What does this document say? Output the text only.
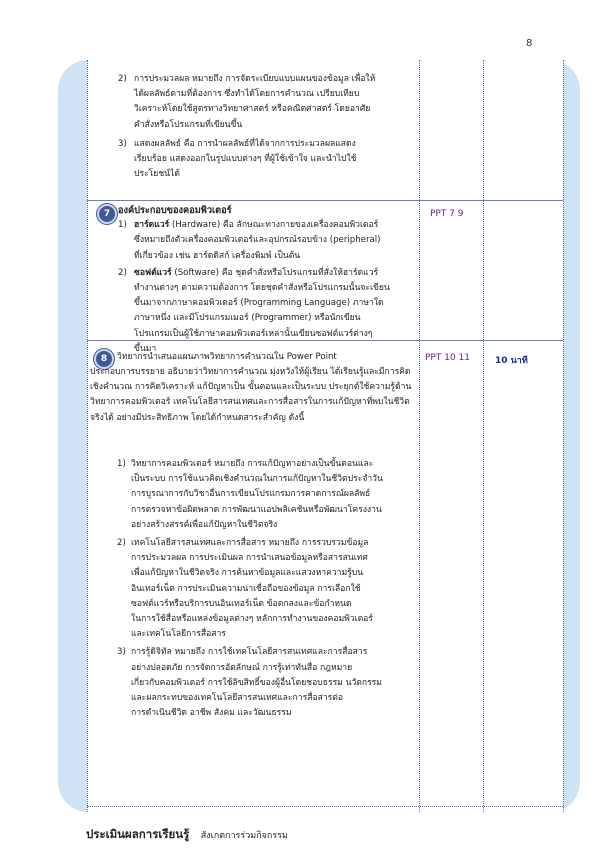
8
2) การประมวลผล หมายถึง การจัดระเบียบแบบแผนของข้อมูล เพื่อให้
ได้ผลลัพธ์ตามที่ต้องการ ซึ่งทำได้โดยการคำนวณ เปรียบเทียบ
วิเคราะห์โดยใช้สูตรทางวิทยาศาสตร์ หรือคณิตศาสตร์ โดยอาศัย
คำสั่งหรือโปรแกรมที่เขียนขึ้น
3) แสดงผลลัพธ์ คือ การนำผลลัพธ์ที่ได้จากการประมวลผลแสดง
เรียบร้อย แสดงออกในรูปแบบต่างๆ ที่ผู้ใช้เข้าใจ และนำไปใช้
ประโยชน์ได้
7 องค์ประกอบของคอมพิวเตอร์
1) ฮาร์ดแวร์ (Hardware) คือ ลักษณะทางกายของเครื่องคอมพิวเตอร์
ซึ่งหมายถึงตัวเครื่องคอมพิวเตอร์และอุปกรณ์รอบข้าง (peripheral)
ที่เกี่ยวข้อง เช่น ฮาร์ดดิสก์ เครื่องพิมพ์ เป็นต้น
2) ซอฟต์แวร์ (Software) คือ ชุดคำสั่งหรือโปรแกรมที่สั่งให้ฮาร์ดแวร์
ทำงานต่างๆ ตามความต้องการ โดยชุดคำสั่งหรือโปรแกรมนั้นจะเขียน
ขึ้นมาจากภาษาคอมพิวเตอร์ (Programming Language) ภาษาใด
ภาษาหนึ่ง และมีโปรแกรมเมอร์ (Programmer) หรือนักเขียน
โปรแกรมเป็นผู้ใช้ภาษาคอมพิวเตอร์เหล่านั้นเขียนซอฟต์แวร์ต่างๆ
ขึ้นมา
PPT 7 9
8	วิทยากรนำเสนอแผนภาพวิทยาการคำนวณใน Power Point
ประกอบการบรรยาย อธิบายว่าวิทยาการคำนวณ มุ่งหวังให้ผู้เรียน ได้เรียนรู้และมีการคิดเชิงคำนวณ การคิดวิเคราะห์ แก้ปัญหาเป็น ขั้นตอนและเป็นระบบ ประยุกต์ใช้ความรู้ด้านวิทยาการคอมพิวเตอร์ เทคโนโลยีสารสนเทศและการสื่อสารในการแก้ปัญหาที่พบในชีวิตจริงได้ อย่างมีประสิทธิภาพ โดยได้กำหนดสาระสำคัญ ดังนี้
1) วิทยาการคอมพิวเตอร์ หมายถึง การแก้ปัญหาอย่างเป็นขั้นตอนและ
เป็นระบบ การใช้แนวคิดเชิงคำนวณในการแก้ปัญหาในชีวิตประจำวัน
การบูรณาการกับวิชาอื่นการเขียนโปรแกรมการคาดการณ์ผลลัพธ์
การตรวจหาข้อผิดพลาด การพัฒนาแอปพลิเคชันหรือพัฒนาโครงงาน
อย่างสร้างสรรค์เพื่อแก้ปัญหาในชีวิตจริง
2) เทคโนโลยีสารสนเทศและการสื่อสาร หมายถึง การรวบรวมข้อมูล
การประมวลผล การประเมินผล การนำเสนอข้อมูลหรือสารสนเทศ
เพื่อแก้ปัญหาในชีวิตจริง การค้นหาข้อมูลและแสวงหาความรู้บน
อินเทอร์เน็ต การประเมินความน่าเชื่อถือของข้อมูล การเลือกใช้
ซอฟต์แวร์หรือบริการบนอินเทอร์เน็ต ข้อตกลงและข้อกำหนด
ในการใช้สื่อหรือแหล่งข้อมูลต่างๆ หลักการทำงานของคอมพิวเตอร์
และเทคโนโลยีการสื่อสาร
3) การรู้ดิจิทัล หมายถึง การใช้เทคโนโลยีสารสนเทศและการสื่อสาร
อย่างปลอดภัย การจัดการอัตลักษณ์ การรู้เท่าทันสื่อ กฎหมาย
เกี่ยวกับคอมพิวเตอร์ การใช้ลิขสิทธิ์ของผู้อื่นโดยชอบธรรม นวัตกรรม
และผลกระทบของเทคโนโลยีสารสนเทศและการสื่อสารต่อ
การดำเนินชีวิต อาชีพ สังคม และวัฒนธรรม
PPT 10 11	10 นาที
ประเมินผลการเรียนรู้ สังเกตการร่วมกิจกรรม
